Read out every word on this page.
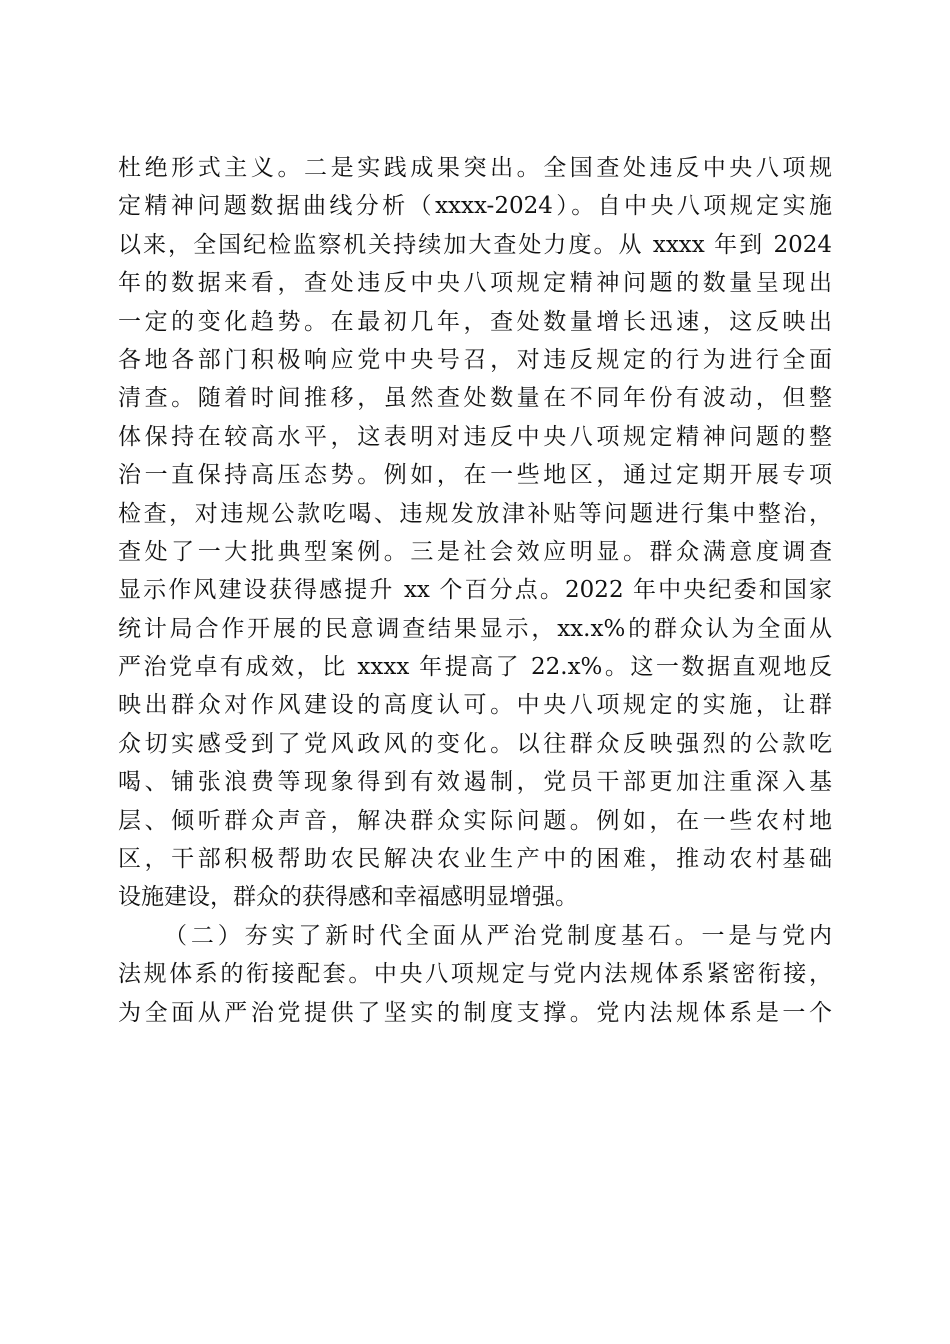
杜绝形式主义。二是实践成果突出。全国查处违反中央八项规
定精神问题数据曲线分析（xxxx-2024）。自中央八项规定实施
以来，全国纪检监察机关持续加大查处力度。从 xxxx 年到 2024
年的数据来看，查处违反中央八项规定精神问题的数量呈现出
一定的变化趋势。在最初几年，查处数量增长迅速，这反映出
各地各部门积极响应党中央号召，对违反规定的行为进行全面
清查。随着时间推移，虽然查处数量在不同年份有波动，但整
体保持在较高水平，这表明对违反中央八项规定精神问题的整
治一直保持高压态势。例如，在一些地区，通过定期开展专项
检查，对违规公款吃喝、违规发放津补贴等问题进行集中整治，
查处了一大批典型案例。三是社会效应明显。群众满意度调查
显示作风建设获得感提升 xx 个百分点。2022 年中央纪委和国家
统计局合作开展的民意调查结果显示，xx.x%的群众认为全面从
严治党卓有成效，比 xxxx 年提高了 22.x%。这一数据直观地反
映出群众对作风建设的高度认可。中央八项规定的实施，让群
众切实感受到了党风政风的变化。以往群众反映强烈的公款吃
喝、铺张浪费等现象得到有效遏制，党员干部更加注重深入基
层、倾听群众声音，解决群众实际问题。例如，在一些农村地
区，干部积极帮助农民解决农业生产中的困难，推动农村基础
设施建设，群众的获得感和幸福感明显增强。
（二）夯实了新时代全面从严治党制度基石。一是与党内
法规体系的衔接配套。中央八项规定与党内法规体系紧密衔接，
为全面从严治党提供了坚实的制度支撑。党内法规体系是一个
